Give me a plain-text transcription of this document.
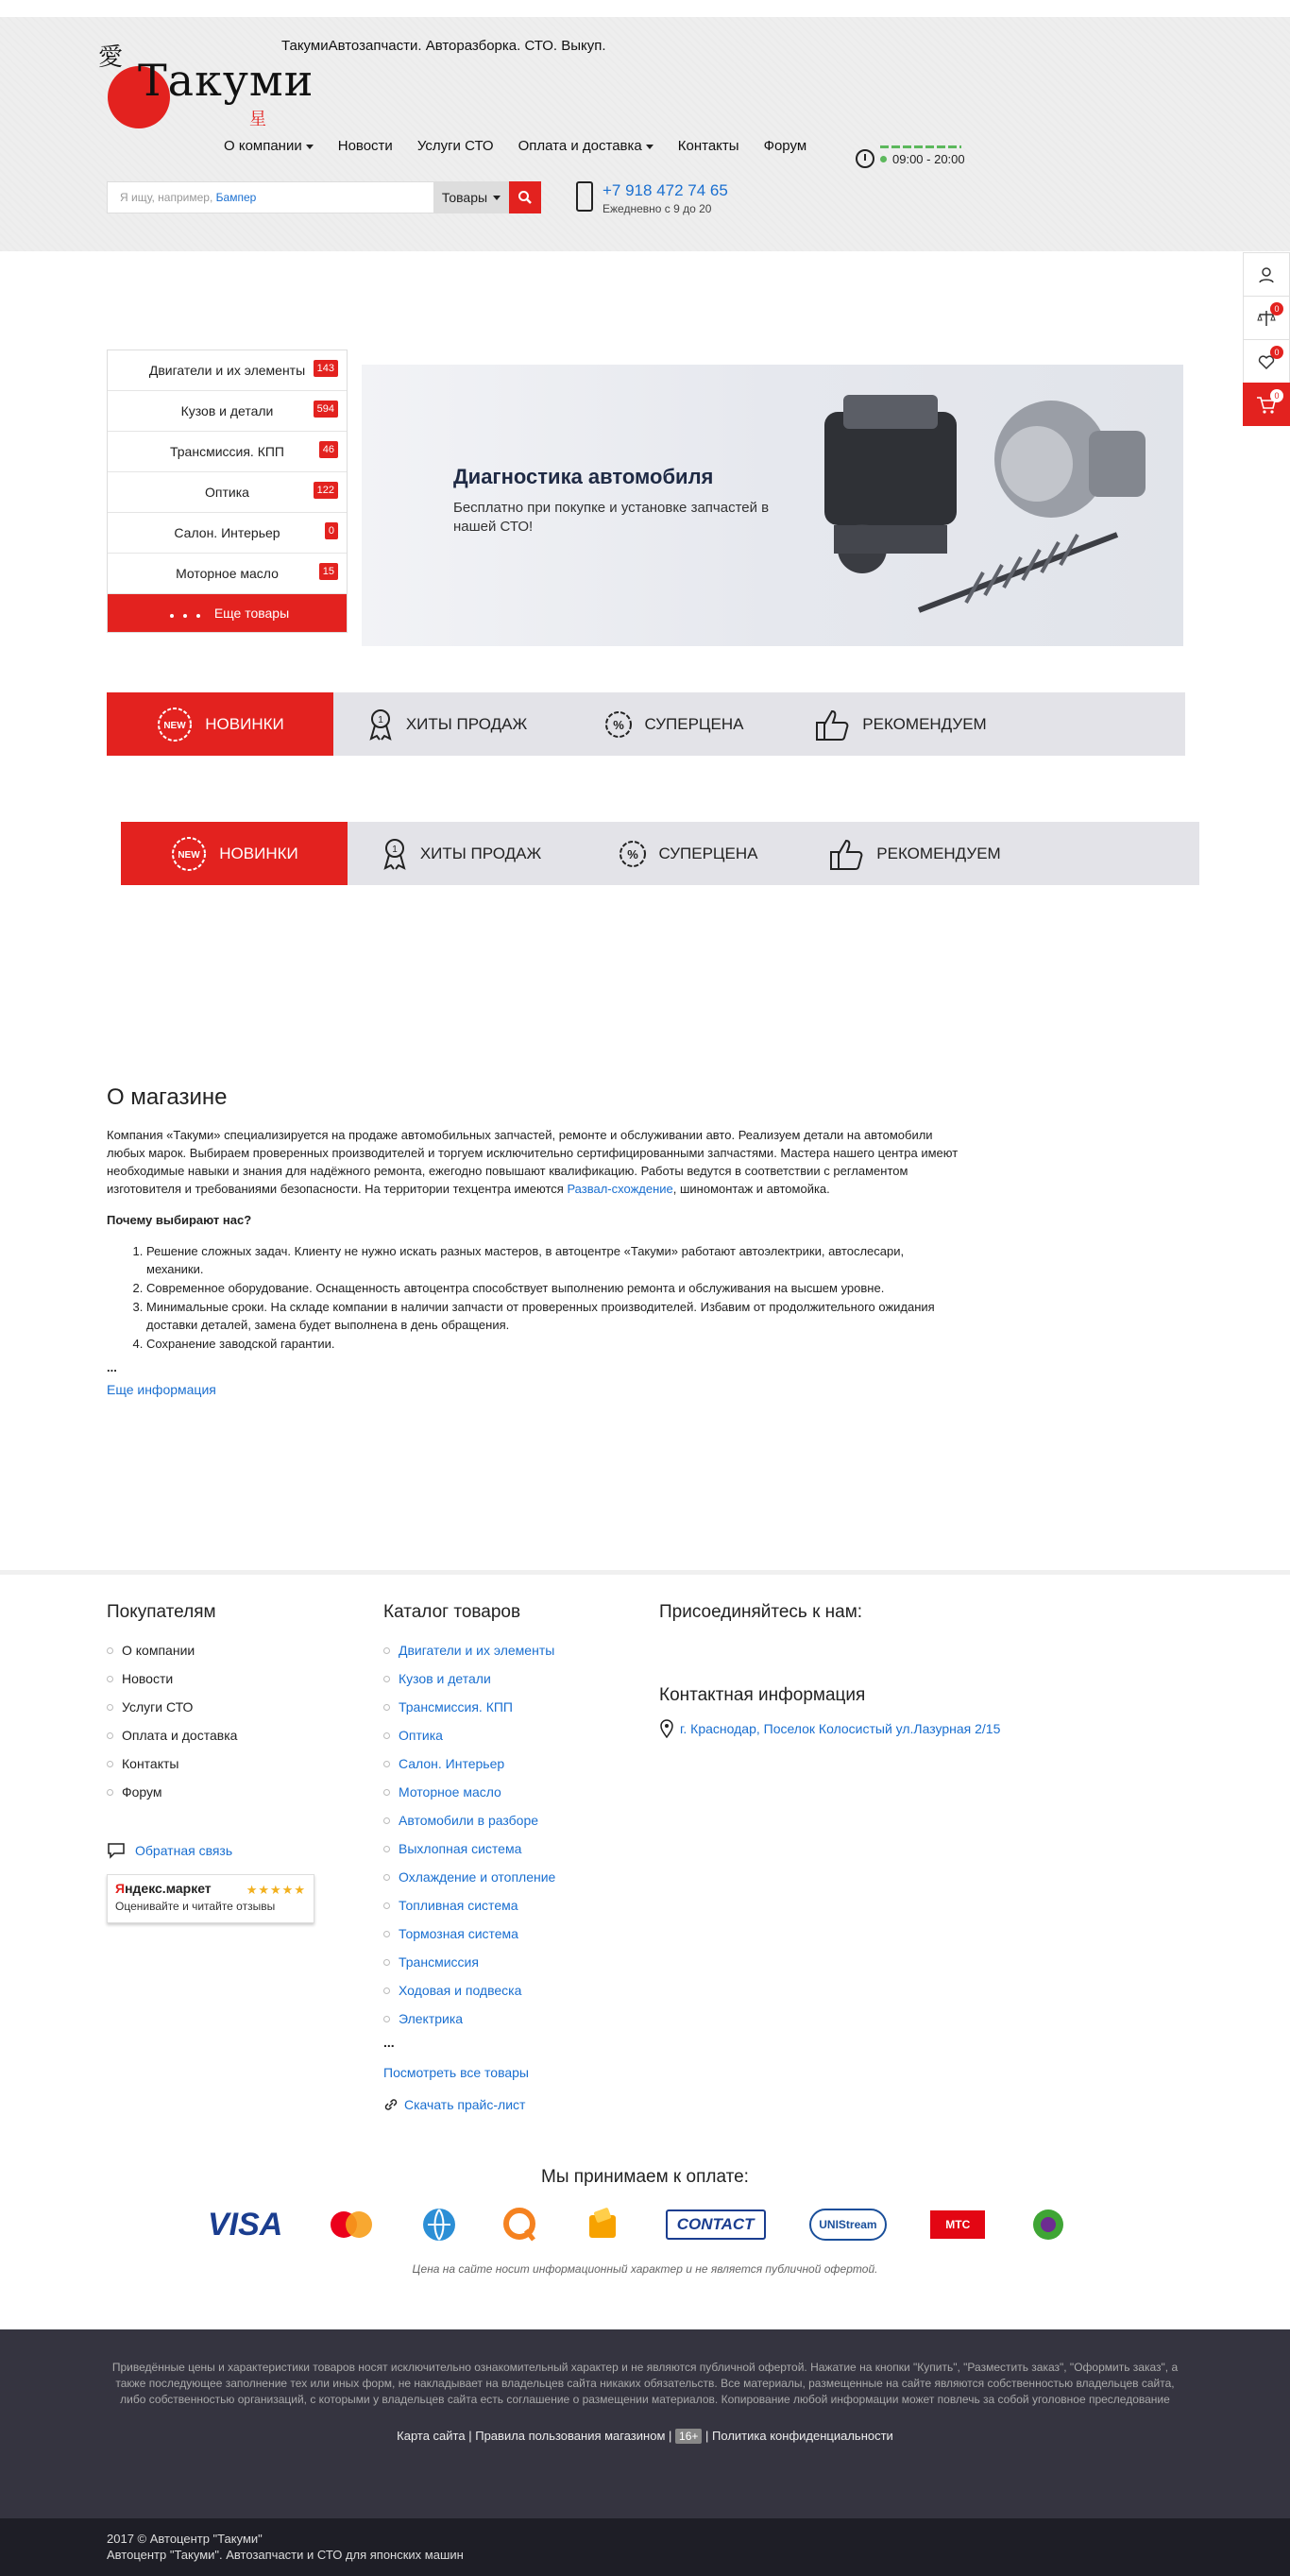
愛 Такуми
星
ТакумиАвтозапчасти. Авторазборка. СТО. Выкуп.
О компании	Новости Услуги СТО Оплата и доставка	Контакты Форум
09:00 - 20:00
Я ищу, например, Бампер	Товары	+7 918 472 74 65
Ежедневно с 9 до 20
0
0
0
Двигатели и их элементы	143
Кузов и детали	594
Трансмиссия. КПП	46
Оптика	122
Салон. Интерьер	0
Моторное масло	15
Еще товары
Диагностика автомобиля

Бесплатно при покупке и установке запчастей в нашей СТО!

NEW НОВИНКИ	1 ХИТЫ ПРОДАЖ	% СУПЕРЦЕНА	РЕКОМЕНДУЕМ
NEW НОВИНКИ	1 ХИТЫ ПРОДАЖ	% СУПЕРЦЕНА	РЕКОМЕНДУЕМ
О магазине

Компания «Такуми» специализируется на продаже автомобильных запчастей, ремонте и обслуживании авто. Реализуем детали на автомобили любых марок. Выбираем проверенных производителей и торгуем исключительно сертифицированными запчастями. Мастера нашего центра имеют необходимые навыки и знания для надёжного ремонта, ежегодно повышают квалификацию. Работы ведутся в соответствии с регламентом изготовителя и требованиями безопасности. На территории техцентра имеются Развал-схождение, шиномонтаж и автомойка.

Почему выбирают нас?

1. Решение сложных задач. Клиенту не нужно искать разных мастеров, в автоцентре «Такуми» работают автоэлектрики, автослесари, механики.
2. Современное оборудование. Оснащенность автоцентра способствует выполнению ремонта и обслуживания на высшем уровне.
3. Минимальные сроки. На складе компании в наличии запчасти от проверенных производителей. Избавим от продолжительного ожидания доставки деталей, замена будет выполнена в день обращения.
4. Сохранение заводской гарантии.

...

Еще информация
Покупателям
О компании
Новости
Услуги СТО
Оплата и доставка
Контакты
Форум
Обратная связь
Яндекс.маркет	★★★★★
Оценивайте и читайте отзывы
Каталог товаров
Двигатели и их элементы
Кузов и детали
Трансмиссия. КПП
Оптика
Салон. Интерьер
Моторное масло
Автомобили в разборе
Выхлопная система
Охлаждение и отопление
Топливная система
Тормозная система
Трансмиссия
Ходовая и подвеска
Электрика
...
Посмотреть все товары
Скачать прайс-лист
Присоединяйтесь к нам:
Контактная информация
г. Краснодар, Поселок Колосистый ул.Лазурная 2/15
Мы принимаем к оплате:
VISA	CONTACT	UNIStream	МТС
Цена на сайте носит информационный характер и не является публичной офертой.

Приведённые цены и характеристики товаров носят исключительно ознакомительный характер и не являются публичной офертой. Нажатие на кнопки "Купить", "Разместить заказ", "Оформить заказ", а также последующее заполнение тех или иных форм, не накладывает на владельцев сайта никаких обязательств. Все материалы, размещенные на сайте являются собственностью владельцев сайта, либо собственностью организаций, с которыми у владельцев сайта есть соглашение о размещении материалов. Копирование любой информации может повлечь за собой уголовное преследование

Карта сайта | Правила пользования магазином | 16+ | Политика конфиденциальности
2017 © Автоцентр "Такуми"
Автоцентр "Такуми". Автозапчасти и СТО для японских машин
